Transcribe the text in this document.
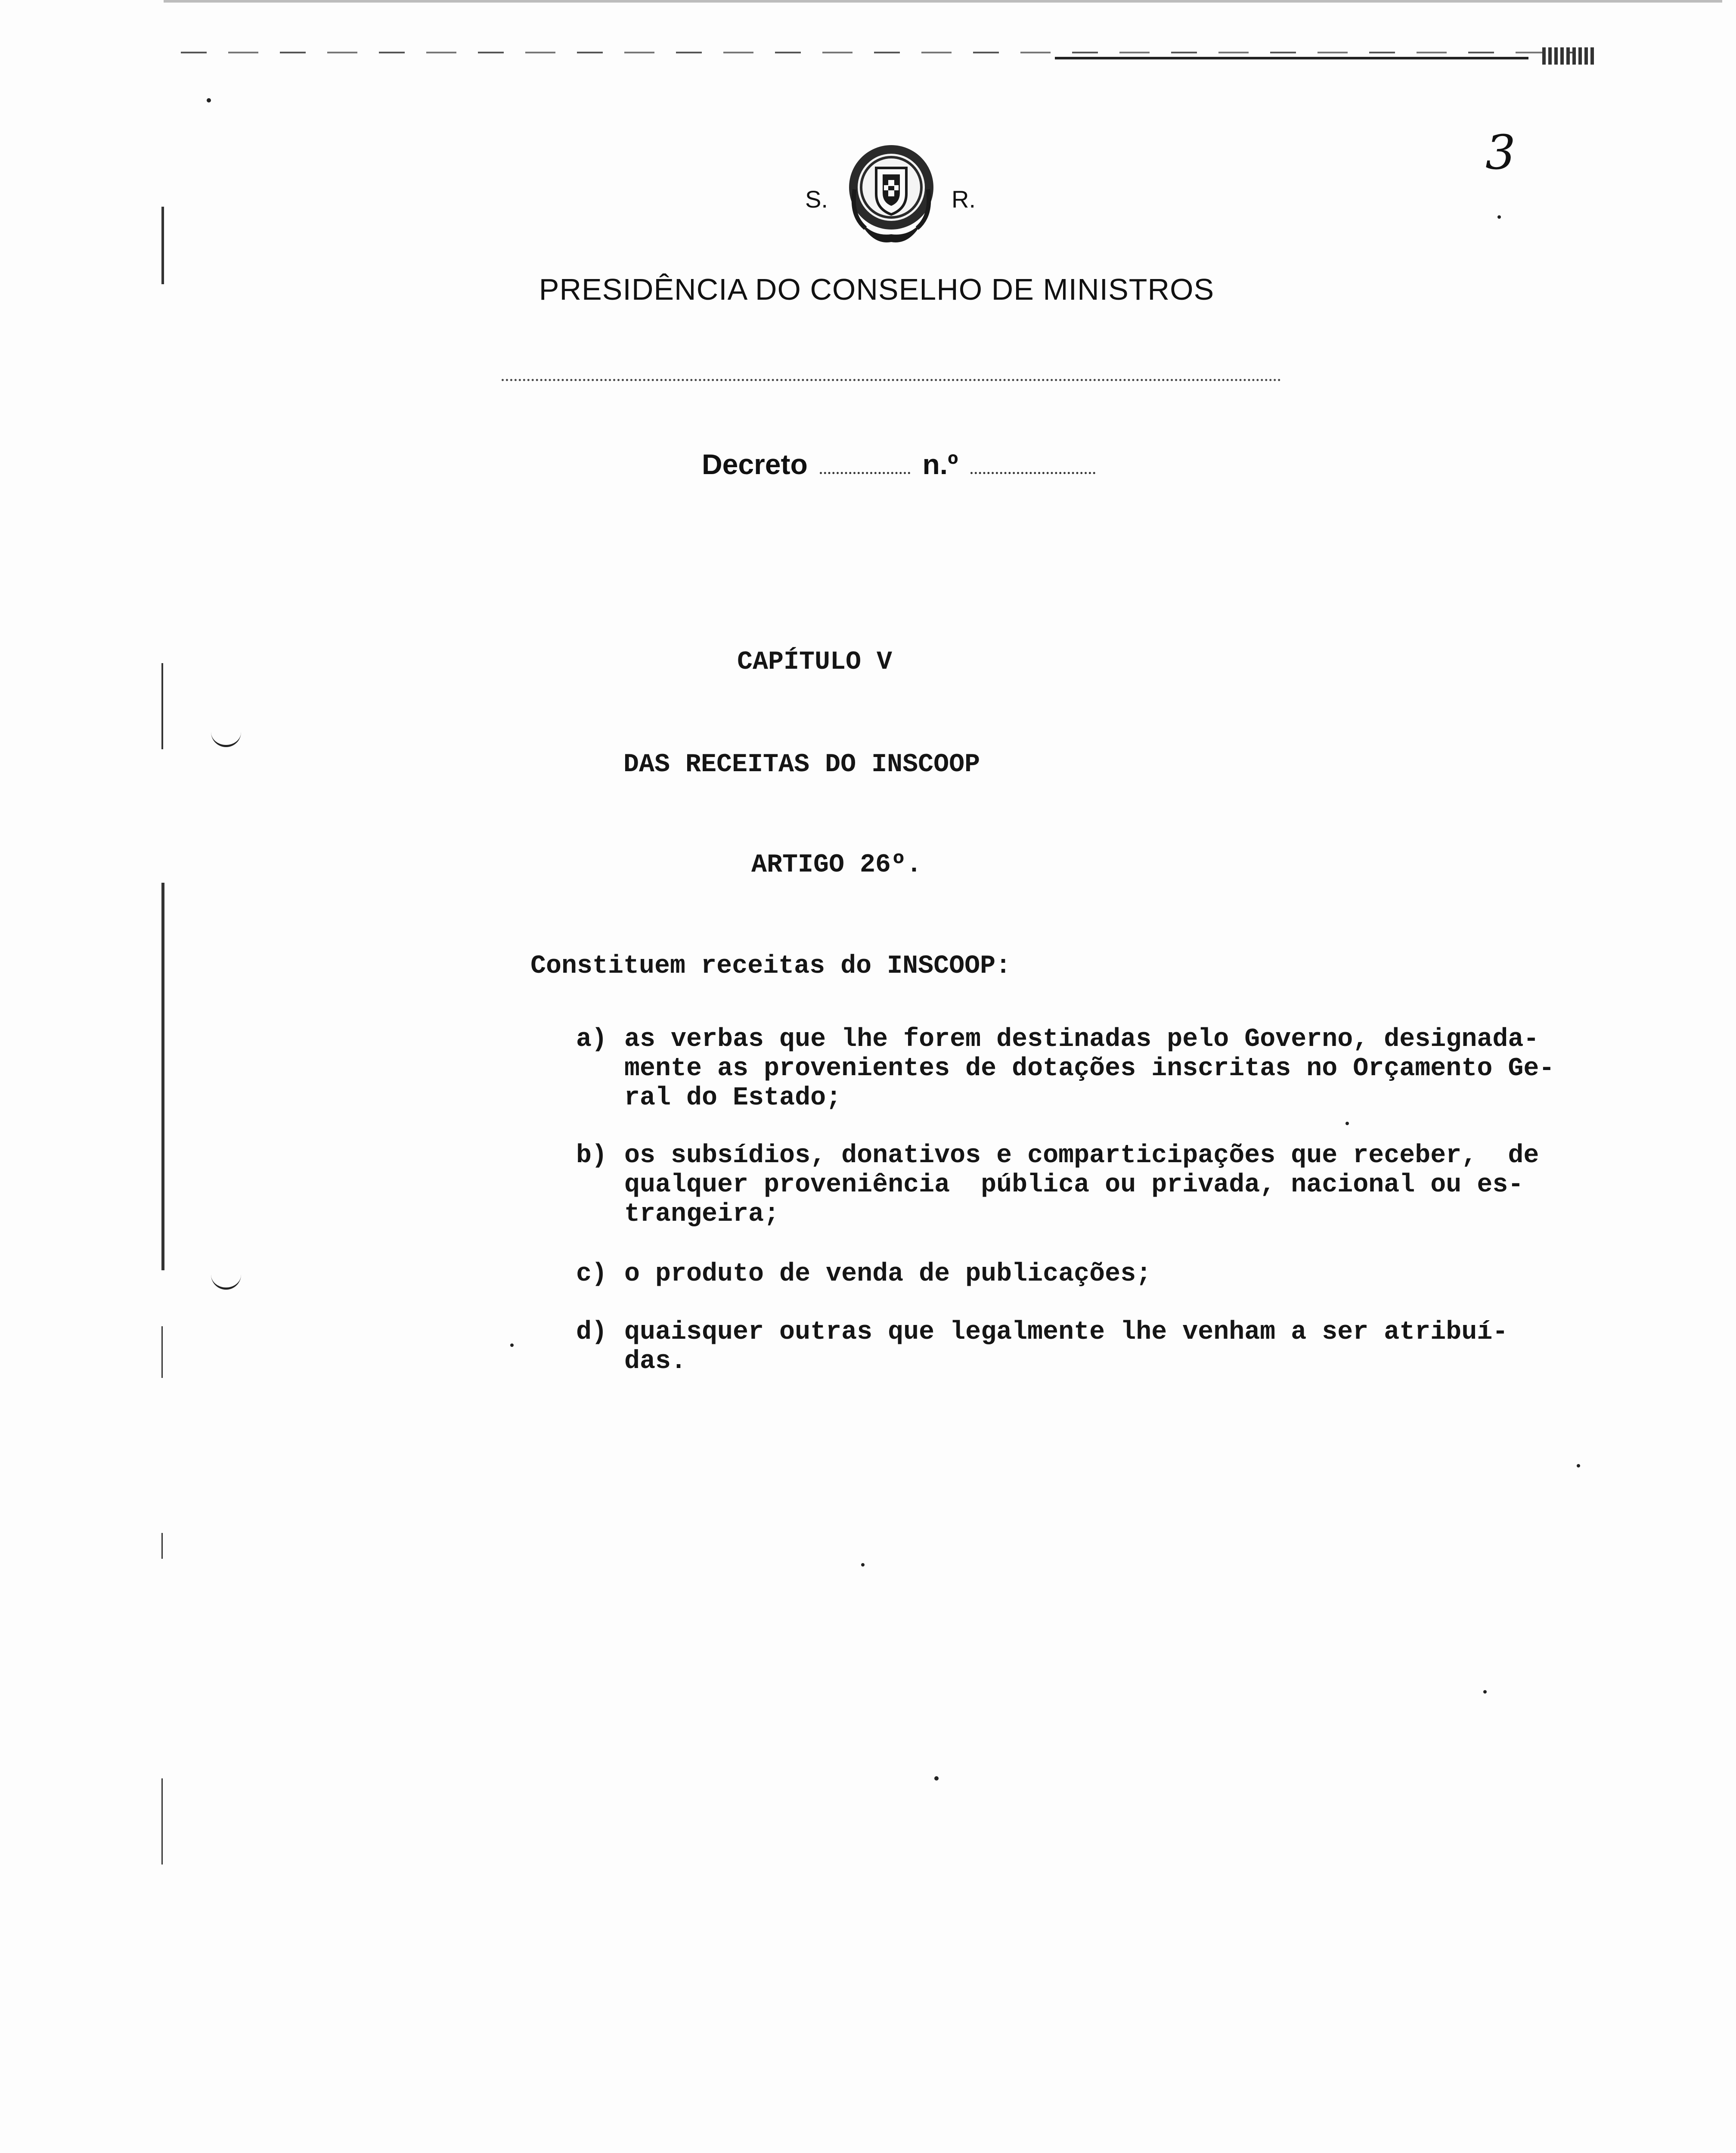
3
S.	R.
PRESIDÊNCIA DO CONSELHO DE MINISTROS
Decreto	n.º
CAPÍTULO V
DAS RECEITAS DO INSCOOP
ARTIGO 26º.
Constituem receitas do INSCOOP:
a) as verbas que lhe forem destinadas pelo Governo, designada-
mente as provenientes de dotações inscritas no Orçamento Ge-
ral do Estado;
b) os subsídios, donativos e comparticipações que receber,  de
qualquer proveniência  pública ou privada, nacional ou es-
trangeira;
c) o produto de venda de publicações;
d) quaisquer outras que legalmente lhe venham a ser atribuí-
das.
